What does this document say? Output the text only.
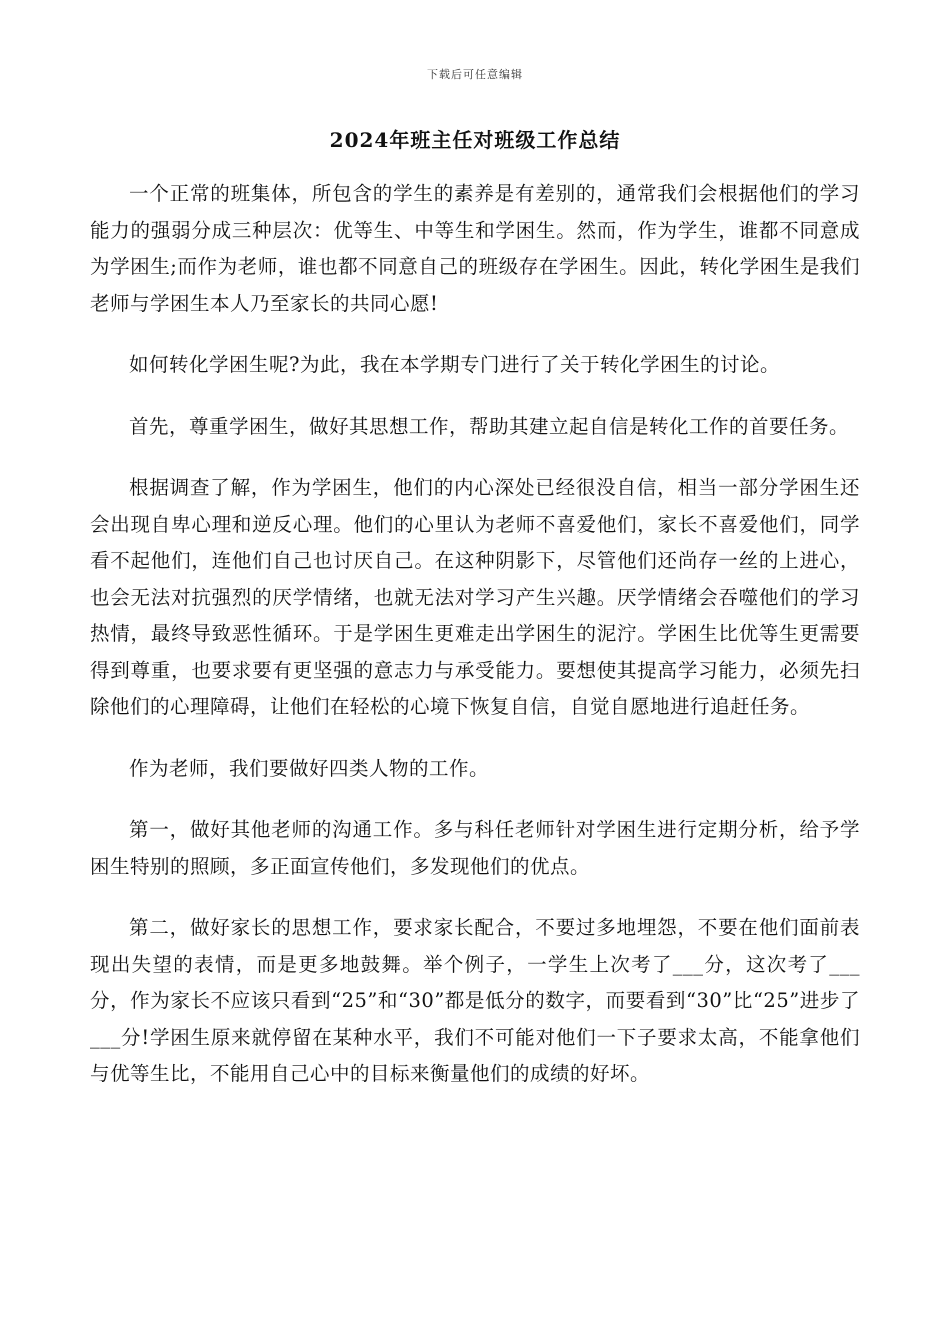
下载后可任意编辑
2024年班主任对班级工作总结

一个正常的班集体，所包含的学生的素养是有差别的，通常我们会根据他们的学习能力的强弱分成三种层次：优等生、中等生和学困生。然而，作为学生，谁都不同意成为学困生;而作为老师，谁也都不同意自己的班级存在学困生。因此，转化学困生是我们老师与学困生本人乃至家长的共同心愿!

如何转化学困生呢?为此，我在本学期专门进行了关于转化学困生的讨论。

首先，尊重学困生，做好其思想工作，帮助其建立起自信是转化工作的首要任务。

根据调查了解，作为学困生，他们的内心深处已经很没自信，相当一部分学困生还会出现自卑心理和逆反心理。他们的心里认为老师不喜爱他们，家长不喜爱他们，同学看不起他们，连他们自己也讨厌自己。在这种阴影下，尽管他们还尚存一丝的上进心，也会无法对抗强烈的厌学情绪，也就无法对学习产生兴趣。厌学情绪会吞噬他们的学习热情，最终导致恶性循环。于是学困生更难走出学困生的泥泞。学困生比优等生更需要得到尊重，也要求要有更坚强的意志力与承受能力。要想使其提高学习能力，必须先扫除他们的心理障碍，让他们在轻松的心境下恢复自信，自觉自愿地进行追赶任务。

作为老师，我们要做好四类人物的工作。

第一，做好其他老师的沟通工作。多与科任老师针对学困生进行定期分析，给予学困生特别的照顾，多正面宣传他们，多发现他们的优点。

第二，做好家长的思想工作，要求家长配合，不要过多地埋怨，不要在他们面前表现出失望的表情，而是更多地鼓舞。举个例子，一学生上次考了___分，这次考了___分，作为家长不应该只看到“25”和“30”都是低分的数字，而要看到“30”比“25”进步了___分!学困生原来就停留在某种水平，我们不可能对他们一下子要求太高，不能拿他们与优等生比，不能用自己心中的目标来衡量他们的成绩的好坏。
